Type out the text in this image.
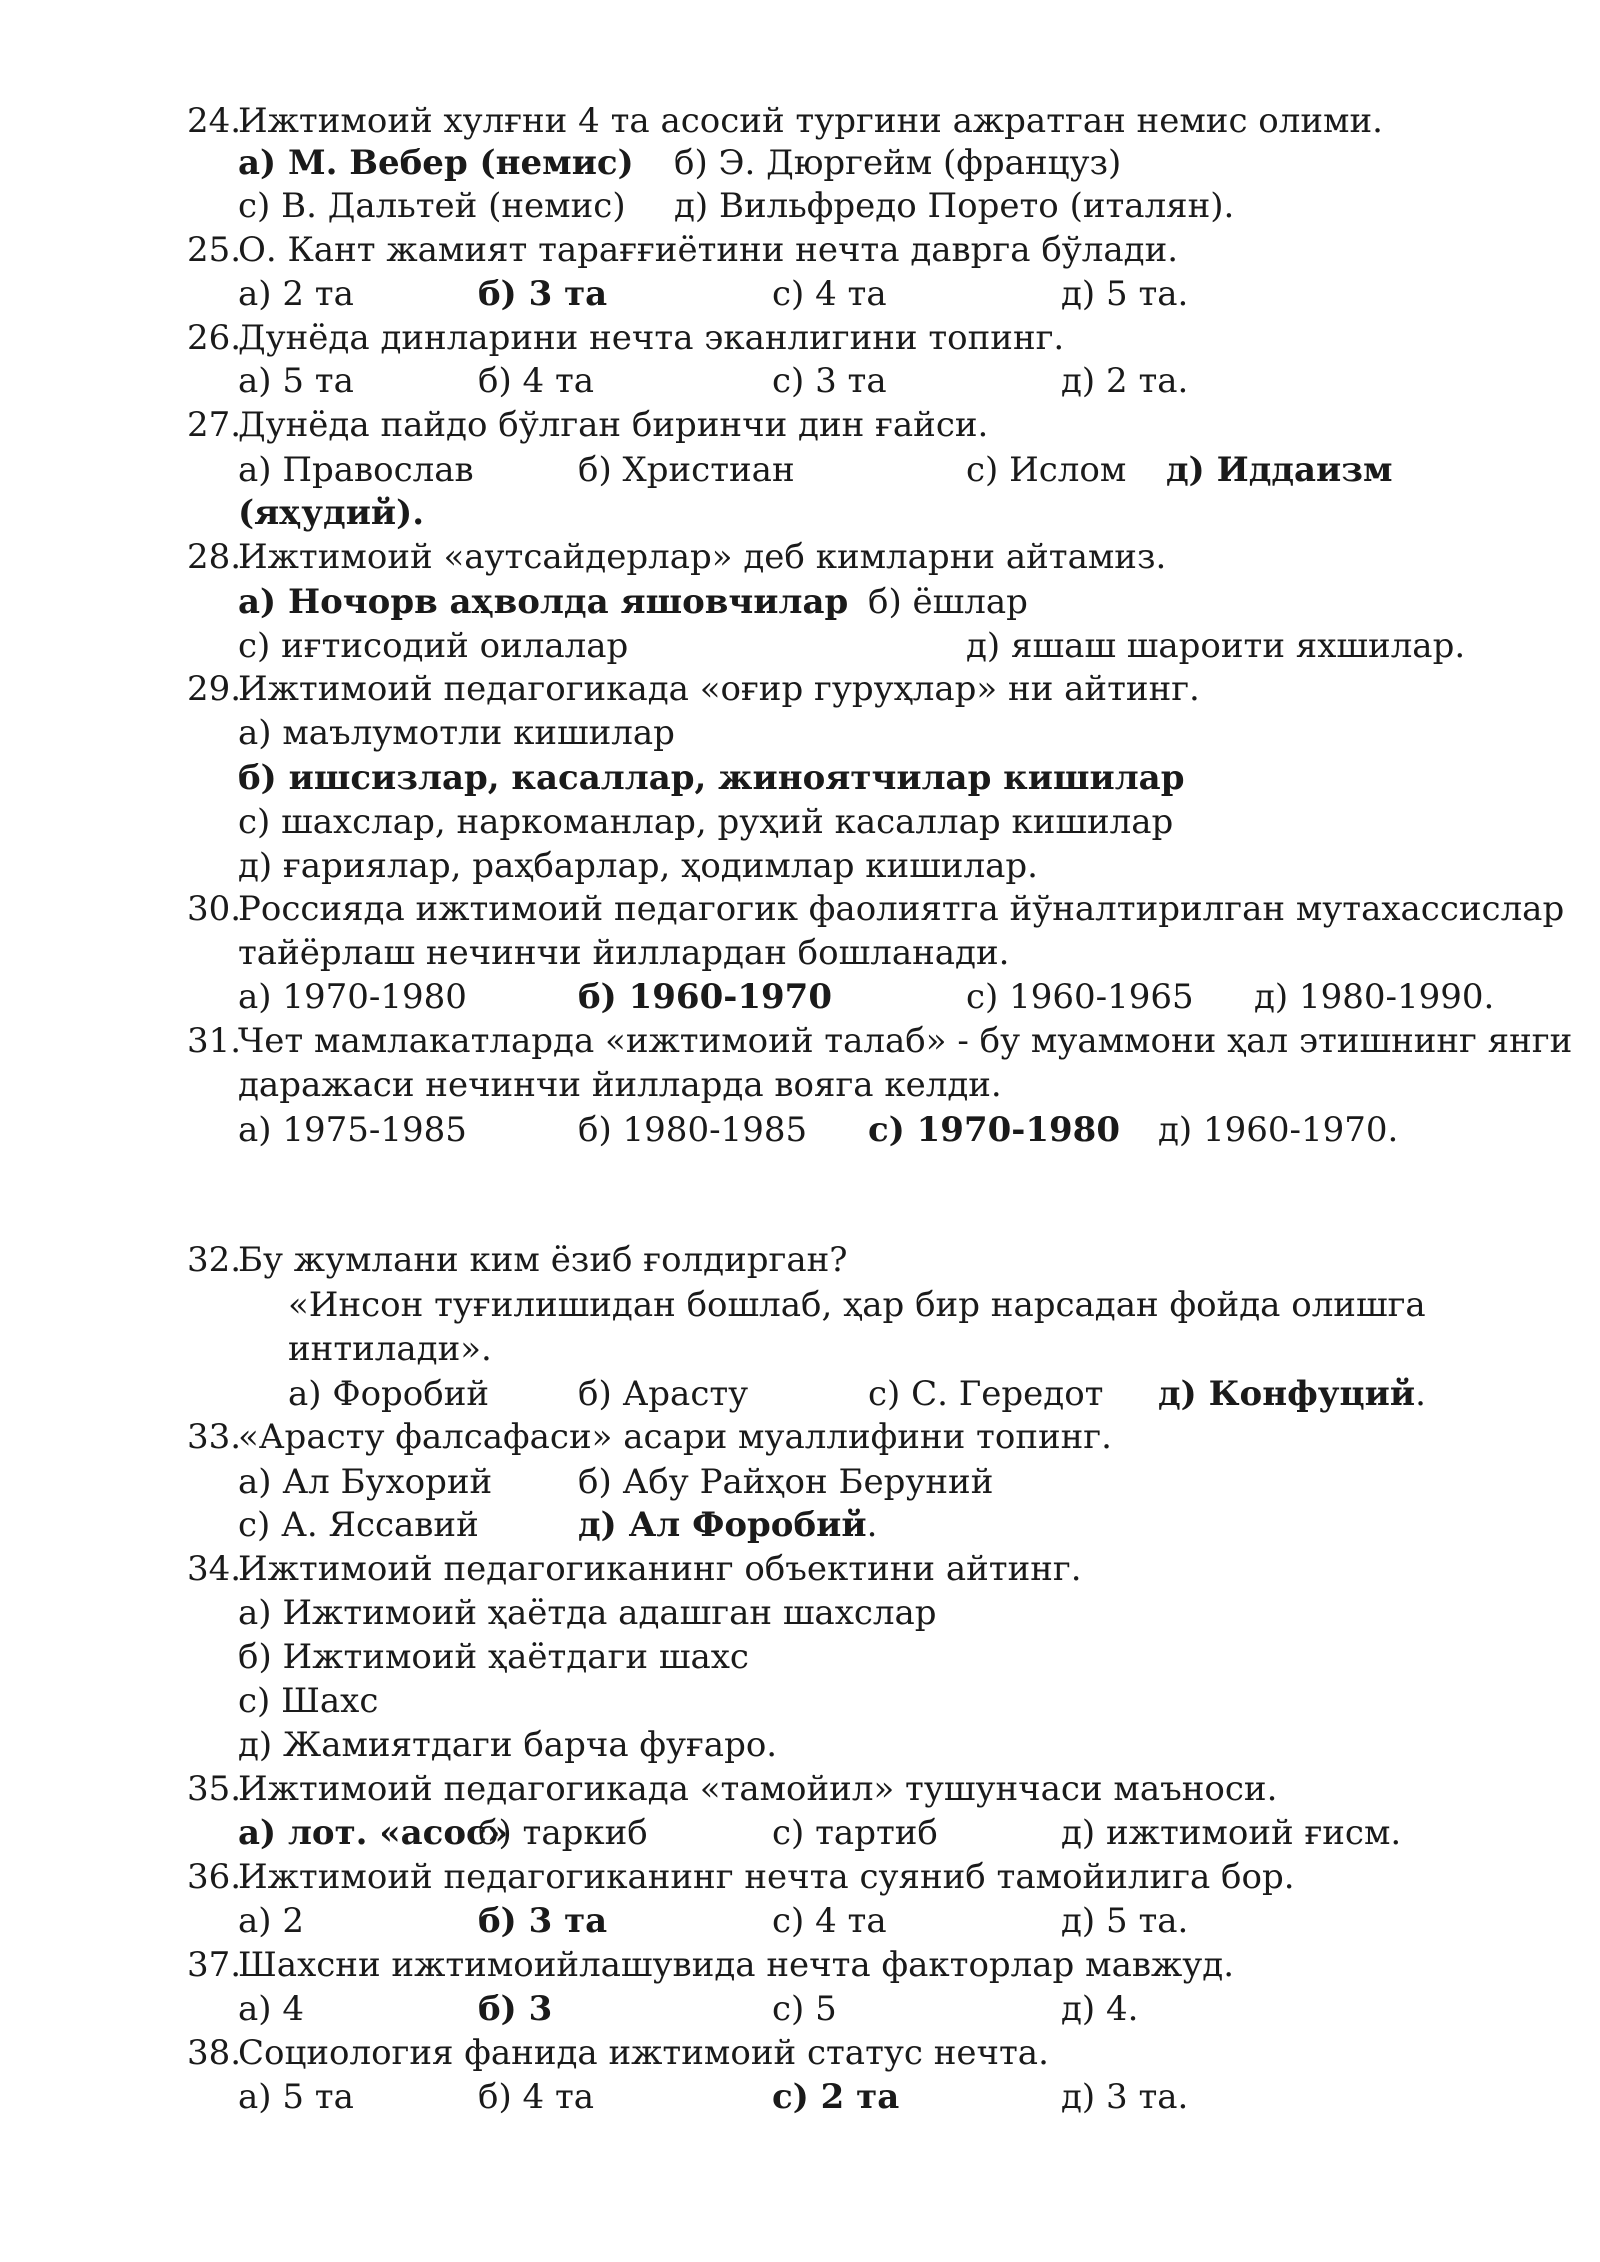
24.
Ижтимоий хулғни 4 та асосий тургини ажратган немис олими.
а) М. Вебер (немис) б) Э. Дюргейм (француз)
с) В. Дальтей (немис) д) Вильфредо Порето (италян).
25.
О. Кант жамият тарағғиётини нечта даврга бўлади.
а) 2 та	б) 3 та	с) 4 та	д) 5 та.
26.
Дунёда динларини нечта эканлигини топинг.
а) 5 та	б) 4 та	с) 3 та	д) 2 та.
27.
Дунёда пайдо бўлган биринчи дин ғайси.
а) Православ	б) Христиан	с) Ислом д) Иддаизм
(яҳудий).
28.
Ижтимоий «аутсайдерлар» деб кимларни айтамиз.
а) Ночорв аҳволда яшовчилар б) ёшлар
с) иғтисодий оилалар	д) яшаш шароити яхшилар.
29.
Ижтимоий педагогикада «оғир гуруҳлар» ни айтинг.
а) маълумотли кишилар
б) ишсизлар, касаллар, жиноятчилар кишилар
с) шахслар, наркоманлар, руҳий касаллар кишилар
д) ғариялар, раҳбарлар, ҳодимлар кишилар.
30.
Россияда ижтимоий педагогик фаолиятга йўналтирилган мутахассислар
тайёрлаш нечинчи йиллардан бошланади.
а) 1970-1980	б) 1960-1970	с) 1960-1965 д) 1980-1990.
31.
Чет мамлакатларда «ижтимоий талаб» - бу муаммони ҳал этишнинг янги
даражаси нечинчи йилларда вояга келди.
а) 1975-1985	б) 1980-1985 с) 1970-1980 д) 1960-1970.
32.
Бу жумлани ким ёзиб ғолдирган?
«Инсон туғилишидан бошлаб, ҳар бир нарсадан фойда олишга
интилади».
а) Форобий	б) Арасту	с) С. Гередот д) Конфуций.
33.
«Арасту фалсафаси» асари муаллифини топинг.
а) Ал Бухорий	б) Абу Райҳон Беруний
с) А. Яссавий	д) Ал Форобий.
34.
Ижтимоий педагогиканинг объектини айтинг.
а) Ижтимоий ҳаётда адашган шахслар
б) Ижтимоий ҳаётдаги шахс
с) Шахс
д) Жамиятдаги барча фуғаро.
35.
Ижтимоий педагогикада «тамойил» тушунчаси маъноси.
а) лот. «асос»
б) таркиб	с) тартиб	д) ижтимоий ғисм.
36.
Ижтимоий педагогиканинг нечта суяниб тамойилига бор.
а) 2	б) 3 та	с) 4 та	д) 5 та.
37.
Шахсни ижтимоийлашувида нечта факторлар мавжуд.
а) 4	б) 3	с) 5	д) 4.
38.
Социология фанида ижтимоий статус нечта.
а) 5 та	б) 4 та	с) 2 та	д) 3 та.
